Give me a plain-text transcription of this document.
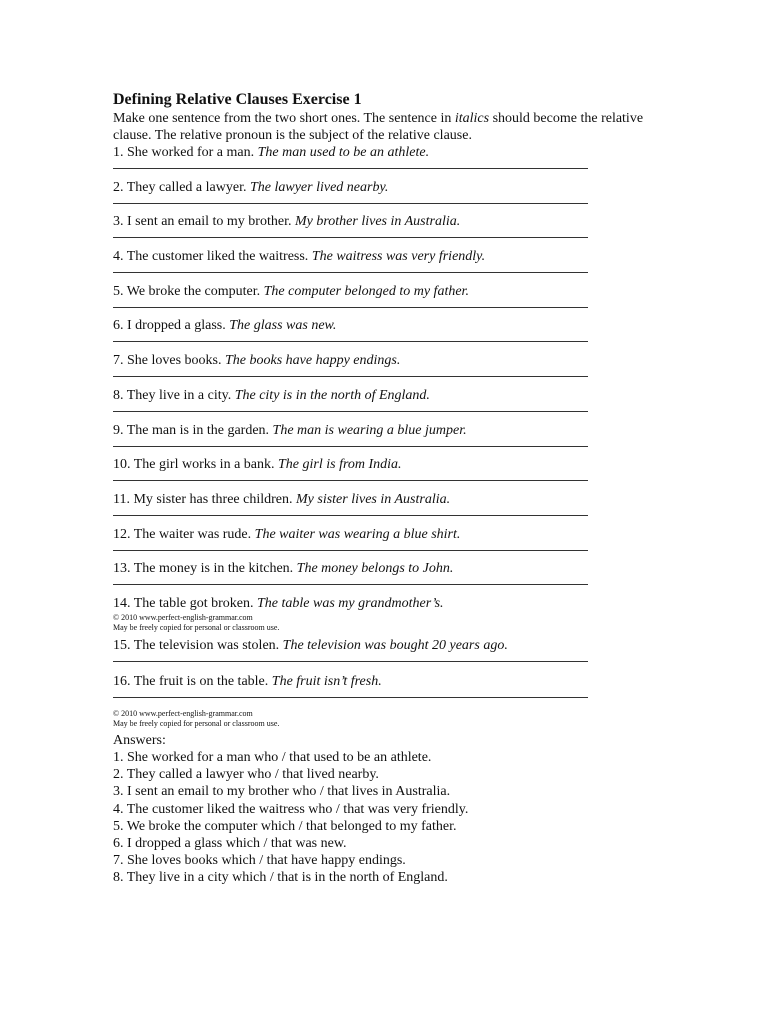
Defining Relative Clauses Exercise 1

Make one sentence from the two short ones. The sentence in italics should become the relative clause. The relative pronoun is the subject of the relative clause.

1. She worked for a man. The man used to be an athlete.
2. They called a lawyer. The lawyer lived nearby.
3. I sent an email to my brother. My brother lives in Australia.
4. The customer liked the waitress. The waitress was very friendly.
5. We broke the computer. The computer belonged to my father.
6. I dropped a glass. The glass was new.
7. She loves books. The books have happy endings.
8. They live in a city. The city is in the north of England.
9. The man is in the garden. The man is wearing a blue jumper.
10. The girl works in a bank. The girl is from India.
11. My sister has three children. My sister lives in Australia.
12. The waiter was rude. The waiter was wearing a blue shirt.
13. The money is in the kitchen. The money belongs to John.
14. The table got broken. The table was my grandmother’s.

© 2010 www.perfect-english-grammar.com

May be freely copied for personal or classroom use.

15. The television was stolen. The television was bought 20 years ago.
16. The fruit is on the table. The fruit isn’t fresh.

© 2010 www.perfect-english-grammar.com

May be freely copied for personal or classroom use.

Answers:
1. She worked for a man who / that used to be an athlete.
2. They called a lawyer who / that lived nearby.
3. I sent an email to my brother who / that lives in Australia.
4. The customer liked the waitress who / that was very friendly.
5. We broke the computer which / that belonged to my father.
6. I dropped a glass which / that was new.
7. She loves books which / that have happy endings.
8. They live in a city which / that is in the north of England.
